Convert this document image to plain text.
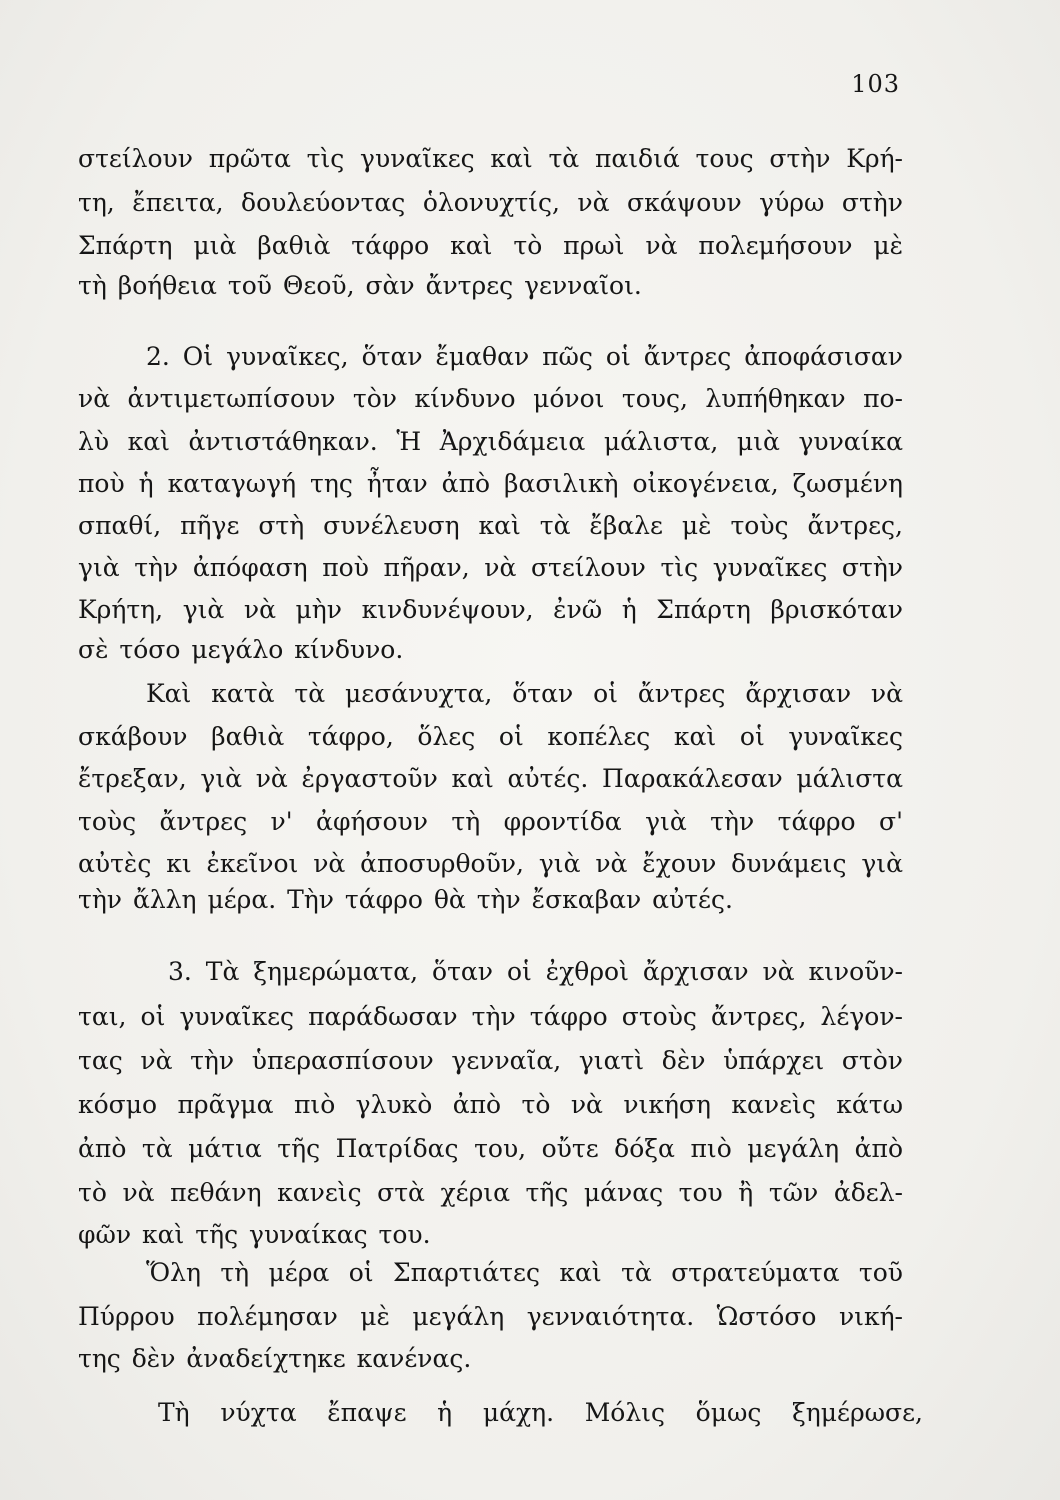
103
στείλουν πρῶτα τὶς γυναῖκες καὶ τὰ παιδιά τους στὴν Κρή-
τη, ἔπειτα, δουλεύοντας ὁλονυχτίς, νὰ σκάψουν γύρω στὴν
Σπάρτη μιὰ βαθιὰ τάφρο καὶ τὸ πρωὶ νὰ πολεμήσουν μὲ
τὴ βοήθεια τοῦ Θεοῦ, σὰν ἄντρες γενναῖοι.
2. Οἱ γυναῖκες, ὅταν ἔμαθαν πῶς οἱ ἄντρες ἀποφάσισαν
νὰ ἀντιμετωπίσουν τὸν κίνδυνο μόνοι τους, λυπήθηκαν πο-
λὺ καὶ ἀντιστάθηκαν. Ἡ Ἀρχιδάμεια μάλιστα, μιὰ γυναίκα
ποὺ ἡ καταγωγή της ἦταν ἀπὸ βασιλικὴ οἰκογένεια, ζωσμένη
σπαθί, πῆγε στὴ συνέλευση καὶ τὰ ἔβαλε μὲ τοὺς ἄντρες,
γιὰ τὴν ἀπόφαση ποὺ πῆραν, νὰ στείλουν τὶς γυναῖκες στὴν
Κρήτη, γιὰ νὰ μὴν κινδυνέψουν, ἐνῶ ἡ Σπάρτη βρισκόταν
σὲ τόσο μεγάλο κίνδυνο.
Καὶ κατὰ τὰ μεσάνυχτα, ὅταν οἱ ἄντρες ἄρχισαν νὰ
σκάβουν βαθιὰ τάφρο, ὅλες οἱ κοπέλες καὶ οἱ γυναῖκες
ἔτρεξαν, γιὰ νὰ ἐργαστοῦν καὶ αὐτές. Παρακάλεσαν μάλιστα
τοὺς ἄντρες ν' ἀφήσουν τὴ φροντίδα γιὰ τὴν τάφρο σ'
αὐτὲς κι ἐκεῖνοι νὰ ἀποσυρθοῦν, γιὰ νὰ ἔχουν δυνάμεις γιὰ
τὴν ἄλλη μέρα. Τὴν τάφρο θὰ τὴν ἔσκαβαν αὐτές.
3. Τὰ ξημερώματα, ὅταν οἱ ἐχθροὶ ἄρχισαν νὰ κινοῦν-
ται, οἱ γυναῖκες παράδωσαν τὴν τάφρο στοὺς ἄντρες, λέγον-
τας νὰ τὴν ὑπερασπίσουν γενναῖα, γιατὶ δὲν ὑπάρχει στὸν
κόσμο πρᾶγμα πιὸ γλυκὸ ἀπὸ τὸ νὰ νικήση κανεὶς κάτω
ἀπὸ τὰ μάτια τῆς Πατρίδας του, οὔτε δόξα πιὸ μεγάλη ἀπὸ
τὸ νὰ πεθάνη κανεὶς στὰ χέρια τῆς μάνας του ἢ τῶν ἀδελ-
φῶν καὶ τῆς γυναίκας του.
Ὅλη τὴ μέρα οἱ Σπαρτιάτες καὶ τὰ στρατεύματα τοῦ
Πύρρου πολέμησαν μὲ μεγάλη γενναιότητα. Ὡστόσο νική-
της δὲν ἀναδείχτηκε κανένας.
Τὴ νύχτα ἔπαψε ἡ μάχη. Μόλις ὅμως ξημέρωσε,
